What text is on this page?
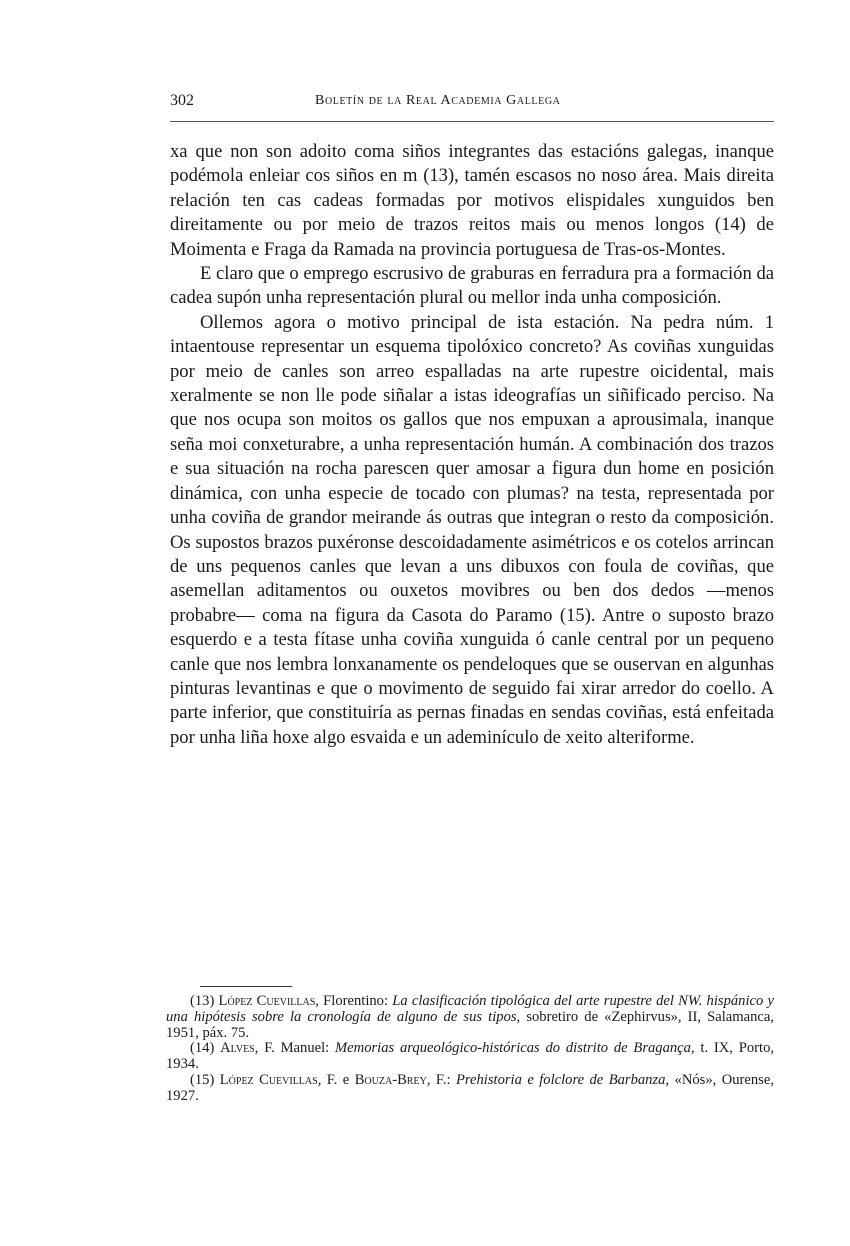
302	Boletín de la Real Academia Gallega

xa que non son adoito coma siños integrantes das estacións galegas, inanque podémola enleiar cos siños en m (13), tamén escasos no noso área. Mais direita relación ten cas cadeas formadas por motivos elispidales xunguidos ben direitamente ou por meio de trazos reitos mais ou menos longos (14) de Moimenta e Fraga da Ramada na provincia portuguesa de Tras-os-Montes.

E claro que o emprego escrusivo de graburas en ferradura pra a formación da cadea supón unha representación plural ou mellor inda unha composición.

Ollemos agora o motivo principal de ista estación. Na pedra núm. 1 intaentouse representar un esquema tipolóxico concreto? As coviñas xunguidas por meio de canles son arreo espalladas na arte rupestre oicidental, mais xeralmente se non lle pode siñalar a istas ideografías un siñificado perciso. Na que nos ocupa son moitos os gallos que nos empuxan a aprousimala, inanque seña moi conxeturabre, a unha representación humán. A combinación dos trazos e sua situación na rocha parescen quer amosar a figura dun home en posición dinámica, con unha especie de tocado con plumas? na testa, representada por unha coviña de grandor meirande ás outras que integran o resto da composición. Os supostos brazos puxéronse descoidadamente asimétricos e os cotelos arrincan de uns pequenos canles que levan a uns dibuxos con foula de coviñas, que asemellan aditamentos ou ouxetos movibres ou ben dos dedos —menos probabre— coma na figura da Casota do Paramo (15). Antre o suposto brazo esquerdo e a testa fítase unha coviña xunguida ó canle central por un pequeno canle que nos lembra lonxanamente os pendeloques que se ouservan en algunhas pinturas levantinas e que o movimento de seguido fai xirar arredor do coello. A parte inferior, que constituiría as pernas finadas en sendas coviñas, está enfeitada por unha liña hoxe algo esvaida e un ademinículo de xeito alteriforme.

(13) López Cuevillas, Florentino: La clasificación tipológica del arte rupestre del NW. hispánico y una hipótesis sobre la cronología de alguno de sus tipos, sobretiro de «Zephirvus», II, Salamanca, 1951, páx. 75.

(14) Alves, F. Manuel: Memorias arqueológico-históricas do distrito de Bragança, t. IX, Porto, 1934.

(15) López Cuevillas, F. e Bouza-Brey, F.: Prehistoria e folclore de Barbanza, «Nós», Ourense, 1927.
